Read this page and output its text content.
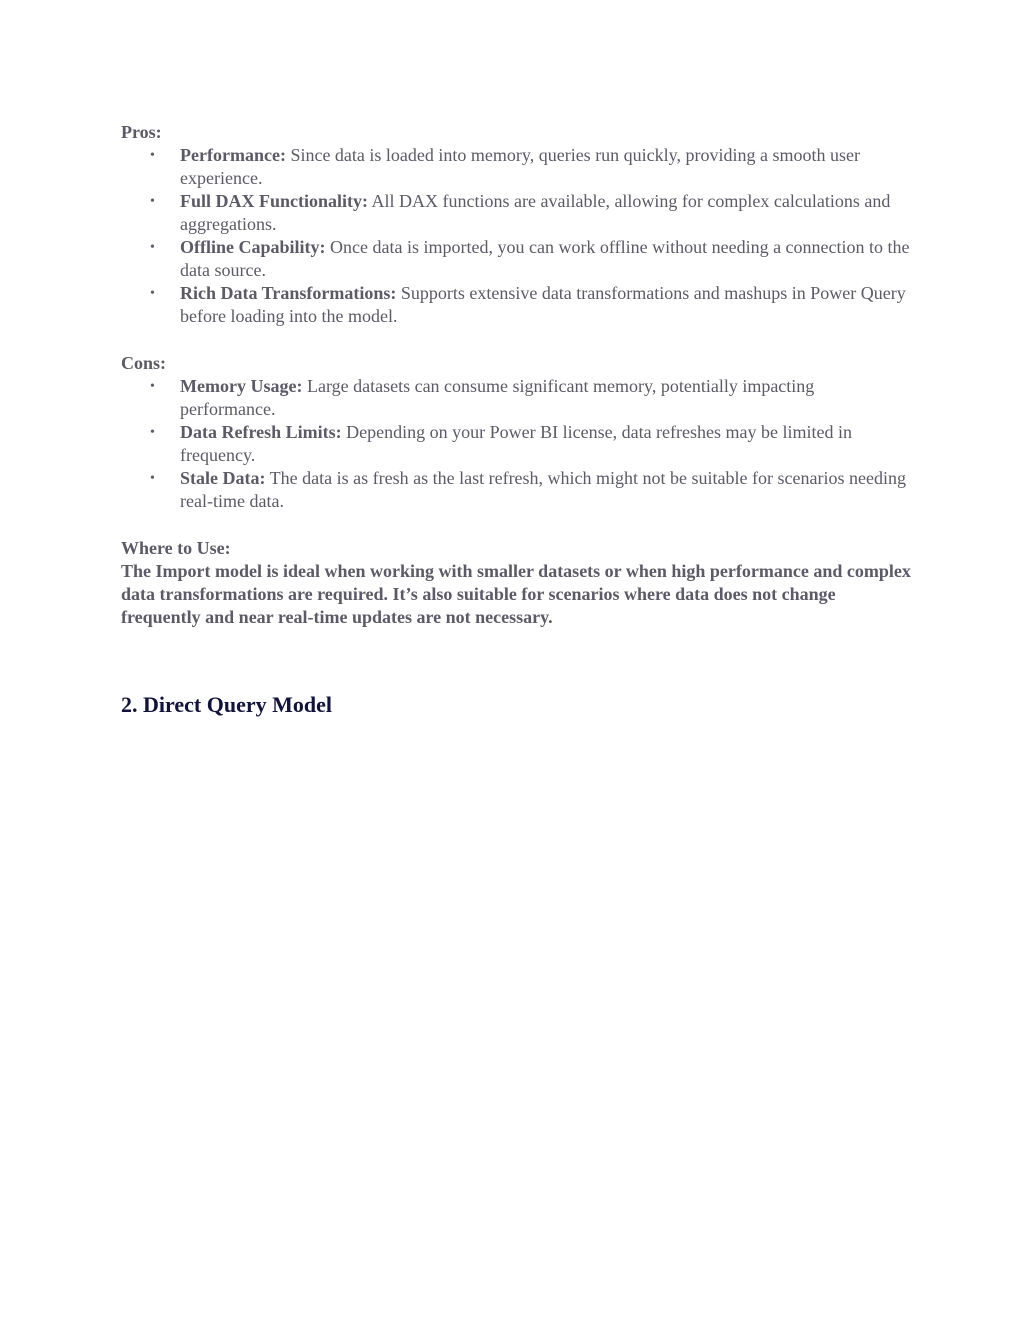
Pros:

• Performance: Since data is loaded into memory, queries run quickly, providing a smooth user experience.
• Full DAX Functionality: All DAX functions are available, allowing for complex calculations and aggregations.
• Offline Capability: Once data is imported, you can work offline without needing a connection to the data source.
• Rich Data Transformations: Supports extensive data transformations and mashups in Power Query before loading into the model.

Cons:

• Memory Usage: Large datasets can consume significant memory, potentially impacting performance.
• Data Refresh Limits: Depending on your Power BI license, data refreshes may be limited in frequency.
• Stale Data: The data is as fresh as the last refresh, which might not be suitable for scenarios needing real-time data.

Where to Use:

The Import model is ideal when working with smaller datasets or when high performance and complex data transformations are required. It’s also suitable for scenarios where data does not change frequently and near real-time updates are not necessary.

2. Direct Query Model
